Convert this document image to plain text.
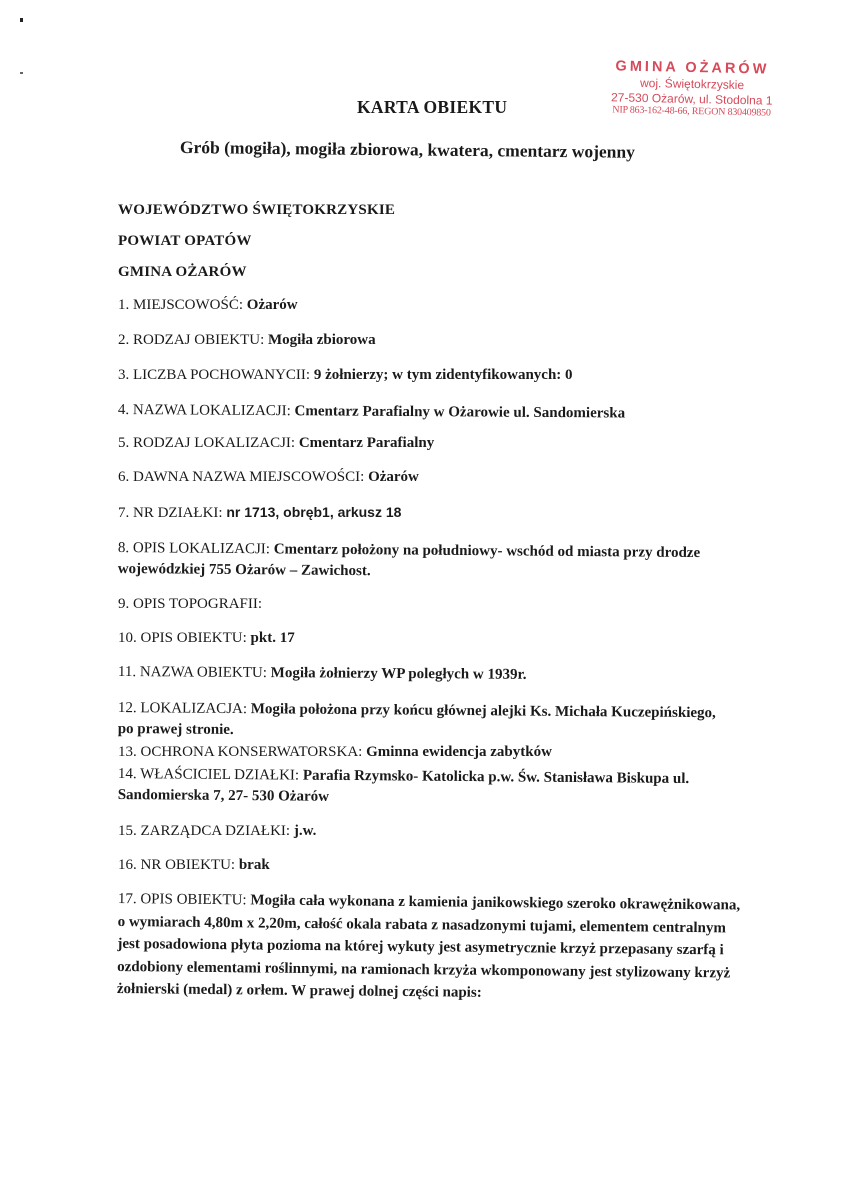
GMINA OŻARÓW
woj. Świętokrzyskie
27-530 Ożarów, ul. Stodolna 1
NIP 863-162-48-66, REGON 830409850
KARTA OBIEKTU
Grób (mogiła), mogiła zbiorowa, kwatera, cmentarz wojenny
WOJEWÓDZTWO ŚWIĘTOKRZYSKIE
POWIAT OPATÓW
GMINA OŻARÓW
1. MIEJSCOWOŚĆ: Ożarów
2. RODZAJ OBIEKTU: Mogiła zbiorowa
3. LICZBA POCHOWANYCII: 9 żołnierzy; w tym zidentyfikowanych: 0
4. NAZWA LOKALIZACJI: Cmentarz Parafialny w Ożarowie ul. Sandomierska
5. RODZAJ LOKALIZACJI: Cmentarz Parafialny
6. DAWNA NAZWA MIEJSCOWOŚCI: Ożarów
7. NR DZIAŁKI: nr 1713, obręb1, arkusz 18
8. OPIS LOKALIZACJI: Cmentarz położony na południowy- wschód od miasta przy drodze wojewódzkiej 755 Ożarów – Zawichost.
9. OPIS TOPOGRAFII:
10. OPIS OBIEKTU: pkt. 17
11. NAZWA OBIEKTU: Mogiła żołnierzy WP poległych w 1939r.
12. LOKALIZACJA: Mogiła położona przy końcu głównej alejki Ks. Michała Kuczepińskiego, po prawej stronie.
13. OCHRONA KONSERWATORSKA: Gminna ewidencja zabytków
14. WŁAŚCICIEL DZIAŁKI: Parafia Rzymsko- Katolicka p.w. Św. Stanisława Biskupa ul. Sandomierska 7, 27- 530 Ożarów
15. ZARZĄDCA DZIAŁKI: j.w.
16. NR OBIEKTU: brak
17. OPIS OBIEKTU: Mogiła cała wykonana z kamienia janikowskiego szeroko okrawężnikowana, o wymiarach 4,80m x 2,20m, całość okala rabata z nasadzonymi tujami, elementem centralnym jest posadowiona płyta pozioma na której wykuty jest asymetrycznie krzyż przepasany szarfą i ozdobiony elementami roślinnymi, na ramionach krzyża wkomponowany jest stylizowany krzyż żołnierski (medal) z orłem. W prawej dolnej części napis:
